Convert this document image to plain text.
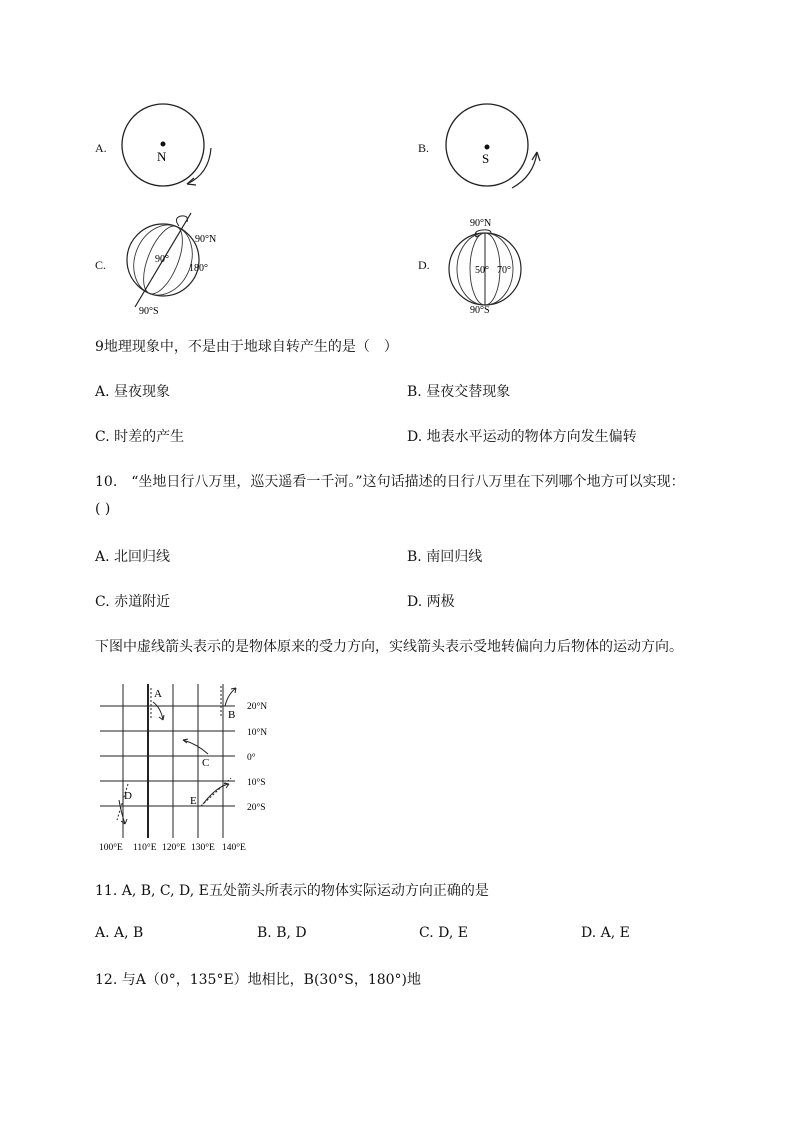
A.
N
B.
S
C.
90°N
90°
180°
90°S
D.
90°N
50° 70°
90°S
9地理现象中，不是由于地球自转产生的是（　）
A. 昼夜现象	B. 昼夜交替现象
C. 时差的产生	D. 地表水平运动的物体方向发生偏转
10.　“坐地日行八万里，巡天遥看一千河。”这句话描述的日行八万里在下列哪个地方可以实现：
( )
A. 北回归线	B. 南回归线
C. 赤道附近	D. 两极
下图中虚线箭头表示的是物体原来的受力方向，实线箭头表示受地转偏向力后物体的运动方向。
A
B
C
D	E
20°N
10°N
0°
10°S
20°S
100°E 110°E 120°E 130°E 140°E
11. A, B, C, D, E五处箭头所表示的物体实际运动方向正确的是
A. A, B	B. B, D	C. D, E	D. A, E
12. 与A（0°，135°E）地相比，B(30°S，180°)地
